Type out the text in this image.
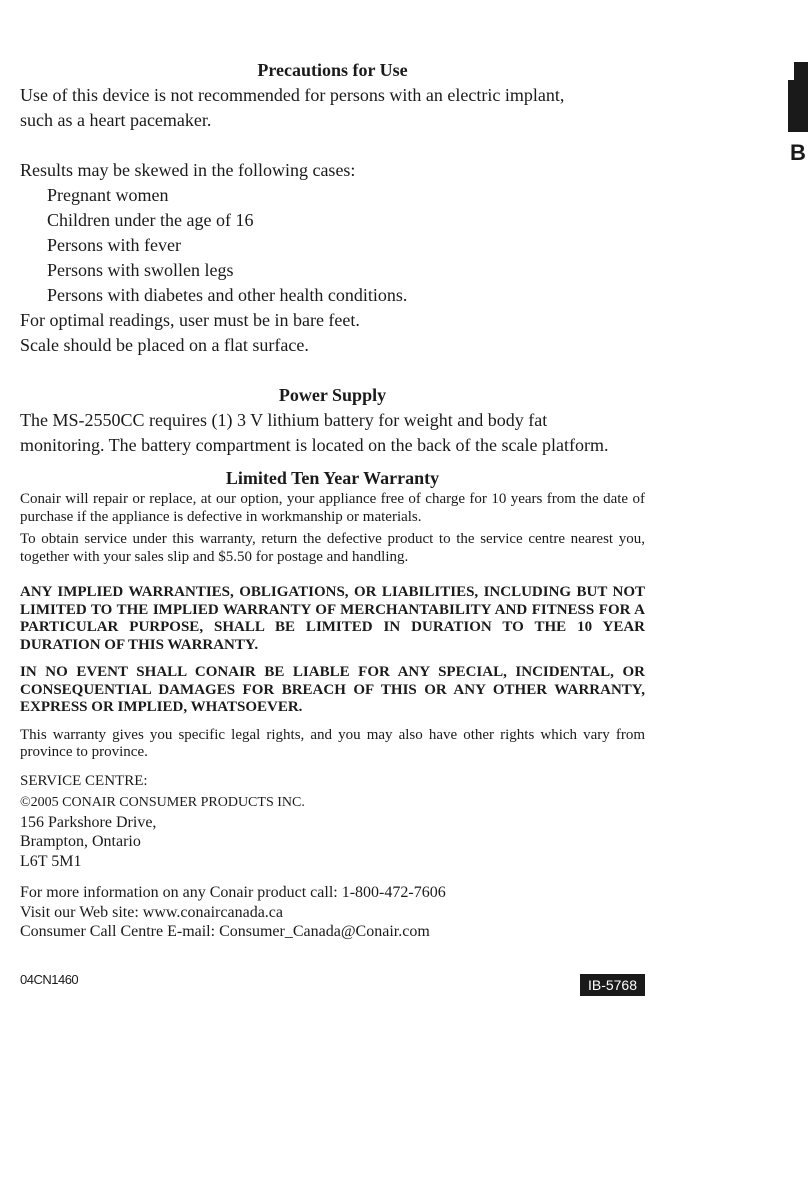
Precautions for Use

Use of this device is not recommended for persons with an electric implant,

such as a heart pacemaker.

Results may be skewed in the following cases:

Pregnant women

Children under the age of 16

Persons with fever

Persons with swollen legs

Persons with diabetes and other health conditions.

For optimal readings, user must be in bare feet.

Scale should be placed on a flat surface.

Power Supply

The MS-2550CC requires (1) 3 V lithium battery for weight and body fat

monitoring. The battery compartment is located on the back of the scale platform.

Limited Ten Year Warranty

Conair will repair or replace, at our option, your appliance free of charge for 10 years from the date of purchase if the appliance is defective in workmanship or materials.

To obtain service under this warranty, return the defective product to the service centre nearest you, together with your sales slip and $5.50 for postage and handling.

ANY IMPLIED WARRANTIES, OBLIGATIONS, OR LIABILITIES, INCLUDING BUT NOT LIMITED TO THE IMPLIED WARRANTY OF MERCHANTABILITY AND FITNESS FOR A PARTICULAR PURPOSE, SHALL BE LIMITED IN DURATION TO THE 10 YEAR DURATION OF THIS WARRANTY.

IN NO EVENT SHALL CONAIR BE LIABLE FOR ANY SPECIAL, INCIDENTAL, OR CONSEQUENTIAL DAMAGES FOR BREACH OF THIS OR ANY OTHER WARRANTY, EXPRESS OR IMPLIED, WHATSOEVER.

This warranty gives you specific legal rights, and you may also have other rights which vary from province to province.

SERVICE CENTRE:

©2005 CONAIR CONSUMER PRODUCTS INC.

156 Parkshore Drive,

Brampton, Ontario

L6T 5M1

For more information on any Conair product call: 1-800-472-7606

Visit our Web site: www.conaircanada.ca

Consumer Call Centre E-mail: Consumer_Canada@Conair.com

04CN1460	IB-5768
B
